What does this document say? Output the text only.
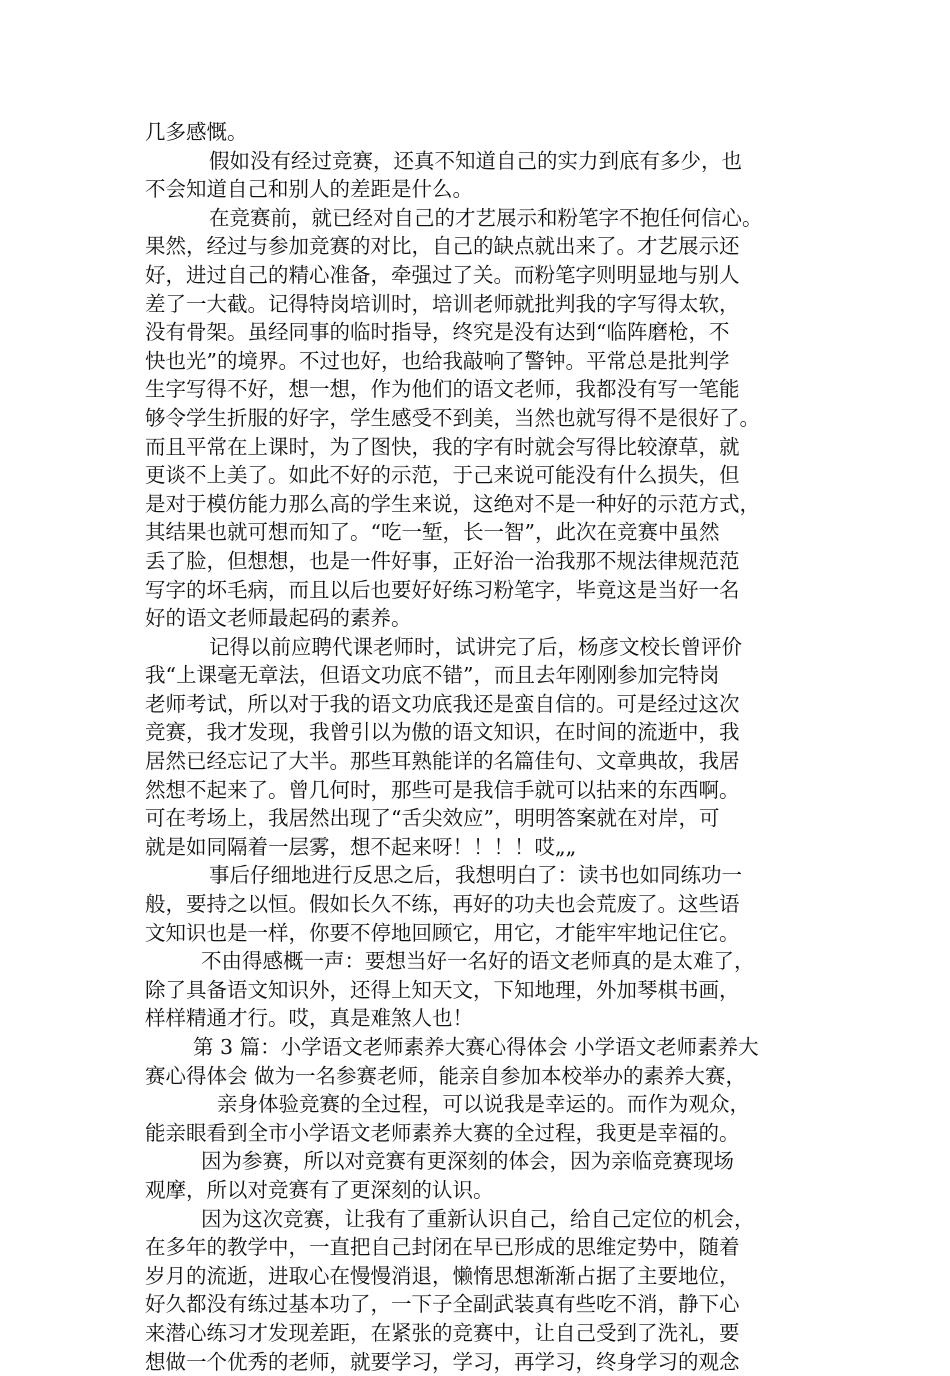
几多感慨。
假如没有经过竞赛，还真不知道自己的实力到底有多少，也
不会知道自己和别人的差距是什么。
在竞赛前，就已经对自己的才艺展示和粉笔字不抱任何信心。
果然，经过与参加竞赛的对比，自己的缺点就出来了。才艺展示还
好，进过自己的精心准备，牵强过了关。而粉笔字则明显地与别人
差了一大截。记得特岗培训时，培训老师就批判我的字写得太软，
没有骨架。虽经同事的临时指导，终究是没有达到“临阵磨枪，不
快也光”的境界。不过也好，也给我敲响了警钟。平常总是批判学
生字写得不好，想一想，作为他们的语文老师，我都没有写一笔能
够令学生折服的好字，学生感受不到美，当然也就写得不是很好了。
而且平常在上课时，为了图快，我的字有时就会写得比较潦草，就
更谈不上美了。如此不好的示范，于己来说可能没有什么损失，但
是对于模仿能力那么高的学生来说，这绝对不是一种好的示范方式，
其结果也就可想而知了。“吃一堑，长一智”，此次在竞赛中虽然
丢了脸，但想想，也是一件好事，正好治一治我那不规法律规范范
写字的坏毛病，而且以后也要好好练习粉笔字，毕竟这是当好一名
好的语文老师最起码的素养。
记得以前应聘代课老师时，试讲完了后，杨彦文校长曾评价
我“上课毫无章法，但语文功底不错”，而且去年刚刚参加完特岗
老师考试，所以对于我的语文功底我还是蛮自信的。可是经过这次
竞赛，我才发现，我曾引以为傲的语文知识，在时间的流逝中，我
居然已经忘记了大半。那些耳熟能详的名篇佳句、文章典故，我居
然想不起来了。曾几何时，那些可是我信手就可以拈来的东西啊。
可在考场上，我居然出现了“舌尖效应”，明明答案就在对岸，可
就是如同隔着一层雾，想不起来呀！！！！哎„„
事后仔细地进行反思之后，我想明白了：读书也如同练功一
般，要持之以恒。假如长久不练，再好的功夫也会荒废了。这些语
文知识也是一样，你要不停地回顾它，用它，才能牢牢地记住它。
不由得感概一声：要想当好一名好的语文老师真的是太难了，
除了具备语文知识外，还得上知天文，下知地理，外加琴棋书画，
样样精通才行。哎，真是难煞人也！
第 3 篇：小学语文老师素养大赛心得体会 小学语文老师素养大
赛心得体会 做为一名参赛老师，能亲自参加本校举办的素养大赛，
亲身体验竞赛的全过程，可以说我是幸运的。而作为观众，
能亲眼看到全市小学语文老师素养大赛的全过程，我更是幸福的。
因为参赛，所以对竞赛有更深刻的体会，因为亲临竞赛现场
观摩，所以对竞赛有了更深刻的认识。
因为这次竞赛，让我有了重新认识自己，给自己定位的机会，
在多年的教学中，一直把自己封闭在早已形成的思维定势中，随着
岁月的流逝，进取心在慢慢消退，懒惰思想渐渐占据了主要地位，
好久都没有练过基本功了，一下子全副武装真有些吃不消，静下心
来潜心练习才发现差距，在紧张的竞赛中，让自己受到了洗礼，要
想做一个优秀的老师，就要学习，学习，再学习，终身学习的观念
